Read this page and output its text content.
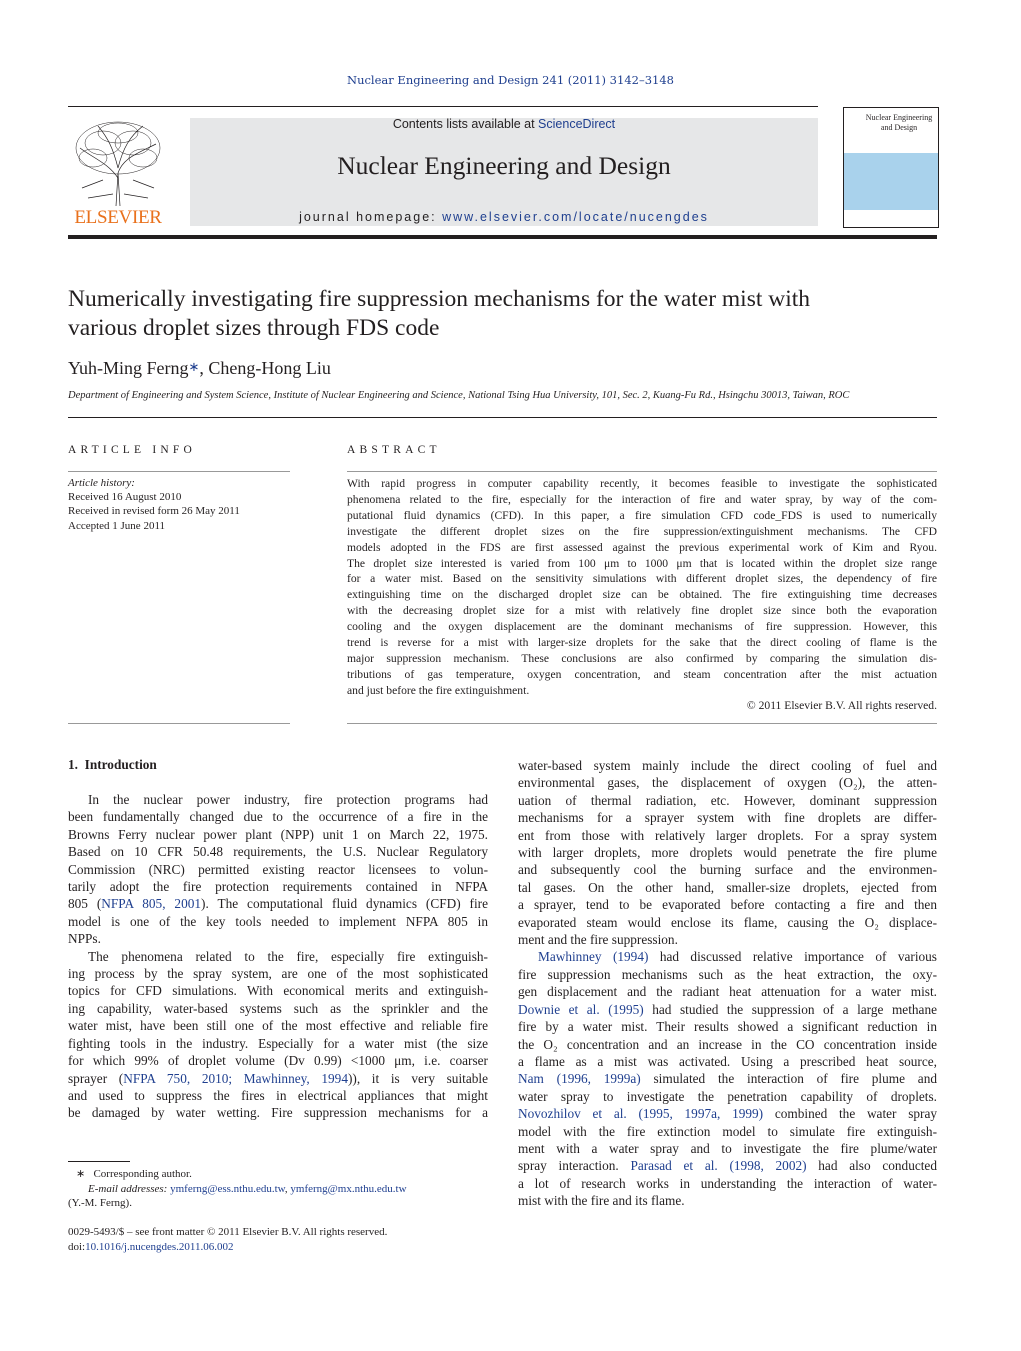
Nuclear Engineering and Design 241 (2011) 3142–3148
ELSEVIER
Contents lists available at ScienceDirect
Nuclear Engineering and Design
journal homepage: www.elsevier.com/locate/nucengdes
Nuclear Engineering and Design
Numerically investigating fire suppression mechanisms for the water mist with
various droplet sizes through FDS code
Yuh-Ming Ferng∗, Cheng-Hong Liu
Department of Engineering and System Science, Institute of Nuclear Engineering and Science, National Tsing Hua University, 101, Sec. 2, Kuang-Fu Rd., Hsingchu 30013, Taiwan, ROC
ARTICLE INFO
Article history:
Received 16 August 2010
Received in revised form 26 May 2011
Accepted 1 June 2011
ABSTRACT
With rapid progress in computer capability recently, it becomes feasible to investigate the sophisticated
phenomena related to the fire, especially for the interaction of fire and water spray, by way of the com-
putational fluid dynamics (CFD). In this paper, a fire simulation CFD code_FDS is used to numerically
investigate the different droplet sizes on the fire suppression/extinguishment mechanisms. The CFD
models adopted in the FDS are first assessed against the previous experimental work of Kim and Ryou.
The droplet size interested is varied from 100 μm to 1000 μm that is located within the droplet size range
for a water mist. Based on the sensitivity simulations with different droplet sizes, the dependency of fire
extinguishing time on the discharged droplet size can be obtained. The fire extinguishing time decreases
with the decreasing droplet size for a mist with relatively fine droplet size since both the evaporation
cooling and the oxygen displacement are the dominant mechanisms of fire suppression. However, this
trend is reverse for a mist with larger-size droplets for the sake that the direct cooling of flame is the
major suppression mechanism. These conclusions are also confirmed by comparing the simulation dis-
tributions of gas temperature, oxygen concentration, and steam concentration after the mist actuation
and just before the fire extinguishment.
© 2011 Elsevier B.V. All rights reserved.
1. Introduction
In the nuclear power industry, fire protection programs had
been fundamentally changed due to the occurrence of a fire in the
Browns Ferry nuclear power plant (NPP) unit 1 on March 22, 1975.
Based on 10 CFR 50.48 requirements, the U.S. Nuclear Regulatory
Commission (NRC) permitted existing reactor licensees to volun-
tarily adopt the fire protection requirements contained in NFPA
805 (NFPA 805, 2001). The computational fluid dynamics (CFD) fire
model is one of the key tools needed to implement NFPA 805 in
NPPs.
The phenomena related to the fire, especially fire extinguish-
ing process by the spray system, are one of the most sophisticated
topics for CFD simulations. With economical merits and extinguish-
ing capability, water-based systems such as the sprinkler and the
water mist, have been still one of the most effective and reliable fire
fighting tools in the industry. Especially for a water mist (the size
for which 99% of droplet volume (Dv 0.99) <1000 μm, i.e. coarser
sprayer (NFPA 750, 2010; Mawhinney, 1994)), it is very suitable
and used to suppress the fires in electrical appliances that might
be damaged by water wetting. Fire suppression mechanisms for a
water-based system mainly include the direct cooling of fuel and
environmental gases, the displacement of oxygen (O₂), the atten-
uation of thermal radiation, etc. However, dominant suppression
mechanisms for a sprayer system with fine droplets are differ-
ent from those with relatively larger droplets. For a spray system
with larger droplets, more droplets would penetrate the fire plume
and subsequently cool the burning surface and the environmen-
tal gases. On the other hand, smaller-size droplets, ejected from
a sprayer, tend to be evaporated before contacting a fire and then
evaporated steam would enclose its flame, causing the O₂ displace-
ment and the fire suppression.
Mawhinney (1994) had discussed relative importance of various
fire suppression mechanisms such as the heat extraction, the oxy-
gen displacement and the radiant heat attenuation for a water mist.
Downie et al. (1995) had studied the suppression of a large methane
fire by a water mist. Their results showed a significant reduction in
the O₂ concentration and an increase in the CO concentration inside
a flame as a mist was activated. Using a prescribed heat source,
Nam (1996, 1999a) simulated the interaction of fire plume and
water spray to investigate the penetration capability of droplets.
Novozhilov et al. (1995, 1997a, 1999) combined the water spray
model with the fire extinction model to simulate fire extinguish-
ment with a water spray and to investigate the fire plume/water
spray interaction. Parasad et al. (1998, 2002) had also conducted
a lot of research works in understanding the interaction of water-
mist with the fire and its flame.
∗ Corresponding author.
E-mail addresses: ymferng@ess.nthu.edu.tw, ymferng@mx.nthu.edu.tw
(Y.-M. Ferng).
0029-5493/$ – see front matter © 2011 Elsevier B.V. All rights reserved.
doi:10.1016/j.nucengdes.2011.06.002
